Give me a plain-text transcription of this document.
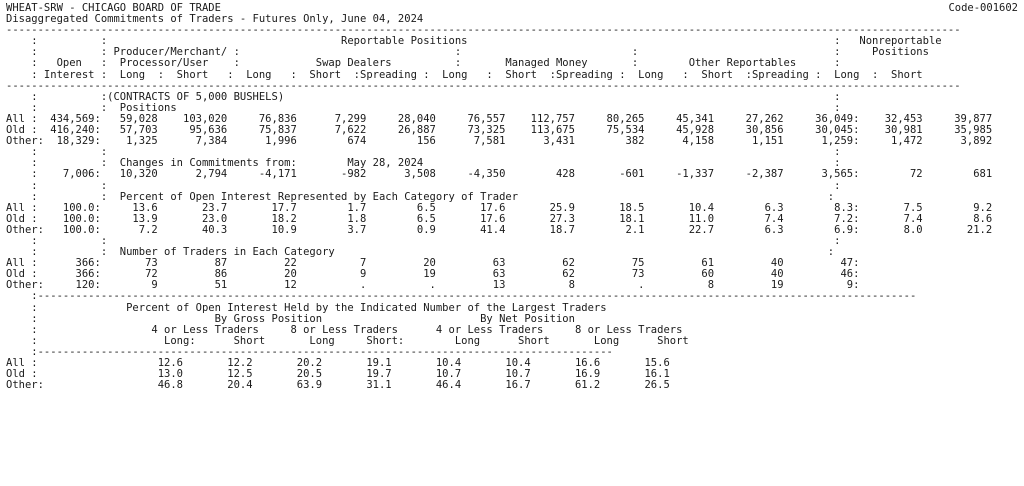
WHEAT-SRW - CHICAGO BOARD OF TRADE	Code-001602
Disaggregated Commitments of Traders - Futures Only, June 04, 2024
-------------------------------------------------------------------------------------------------------------------------------------------------------
:          :                                     Reportable Positions                                                          :   Nonreportable
:          : Producer/Merchant/ :                                  :                           :                               :     Positions
:   Open   :  Processor/User    :            Swap Dealers          :       Managed Money       :        Other Reportables      :
: Interest :  Long  :  Short   :  Long   :  Short  :Spreading :  Long   :  Short  :Spreading :  Long   :  Short  :Spreading :  Long  :  Short
-------------------------------------------------------------------------------------------------------------------------------------------------------
:          :(CONTRACTS OF 5,000 BUSHELS)                                                                                       :
:          :  Positions                                                                                                        :
All :  434,569:   59,028    103,020     76,836      7,299     28,040     76,557    112,757     80,265     45,341     27,262     36,049:    32,453     39,877
Old :  416,240:   57,703     95,636     75,837      7,622     26,887     73,325    113,675     75,534     45,928     30,856     30,045:    30,981     35,985
Other:  18,329:    1,325      7,384      1,996        674        156      7,581      3,431        382      4,158      1,151      1,259:     1,472      3,892
:          :                                                                                                                   :
:          :  Changes in Commitments from:        May 28, 2024                                                                 :
:    7,006:   10,320      2,794     -4,171       -982      3,508     -4,350        428       -601     -1,337     -2,387      3,565:        72        681
:          :                                                                                                                   :
:          :  Percent of Open Interest Represented by Each Category of Trader                                                 :
All :    100.0:     13.6       23.7       17.7        1.7        6.5       17.6       25.9       18.5       10.4        6.3        8.3:       7.5        9.2
Old :    100.0:     13.9       23.0       18.2        1.8        6.5       17.6       27.3       18.1       11.0        7.4        7.2:       7.4        8.6
Other:   100.0:      7.2       40.3       10.9        3.7        0.9       41.4       18.7        2.1       22.7        6.3        6.9:       8.0       21.2
:          :                                                                                                                   :
:          :  Number of Traders in Each Category                                                                              :
All :      366:       73         87         22          7         20         63         62         75         61         40         47:
Old :      366:       72         86         20          9         19         63         62         73         60         40         46:
Other:     120:        9         51         12          .          .         13          8          .          8         19          9:
:-------------------------------------------------------------------------------------------------------------------------------------------
:              Percent of Open Interest Held by the Indicated Number of the Largest Traders
:                            By Gross Position                         By Net Position
:                  4 or Less Traders     8 or Less Traders      4 or Less Traders     8 or Less Traders
:                    Long:      Short       Long     Short:        Long      Short       Long      Short
:-------------------------------------------------------------------------------------------
All :                   12.6       12.2       20.2       19.1       10.4       10.4       16.6       15.6
Old :                   13.0       12.5       20.5       19.7       10.7       10.7       16.9       16.1
Other:                  46.8       20.4       63.9       31.1       46.4       16.7       61.2       26.5
